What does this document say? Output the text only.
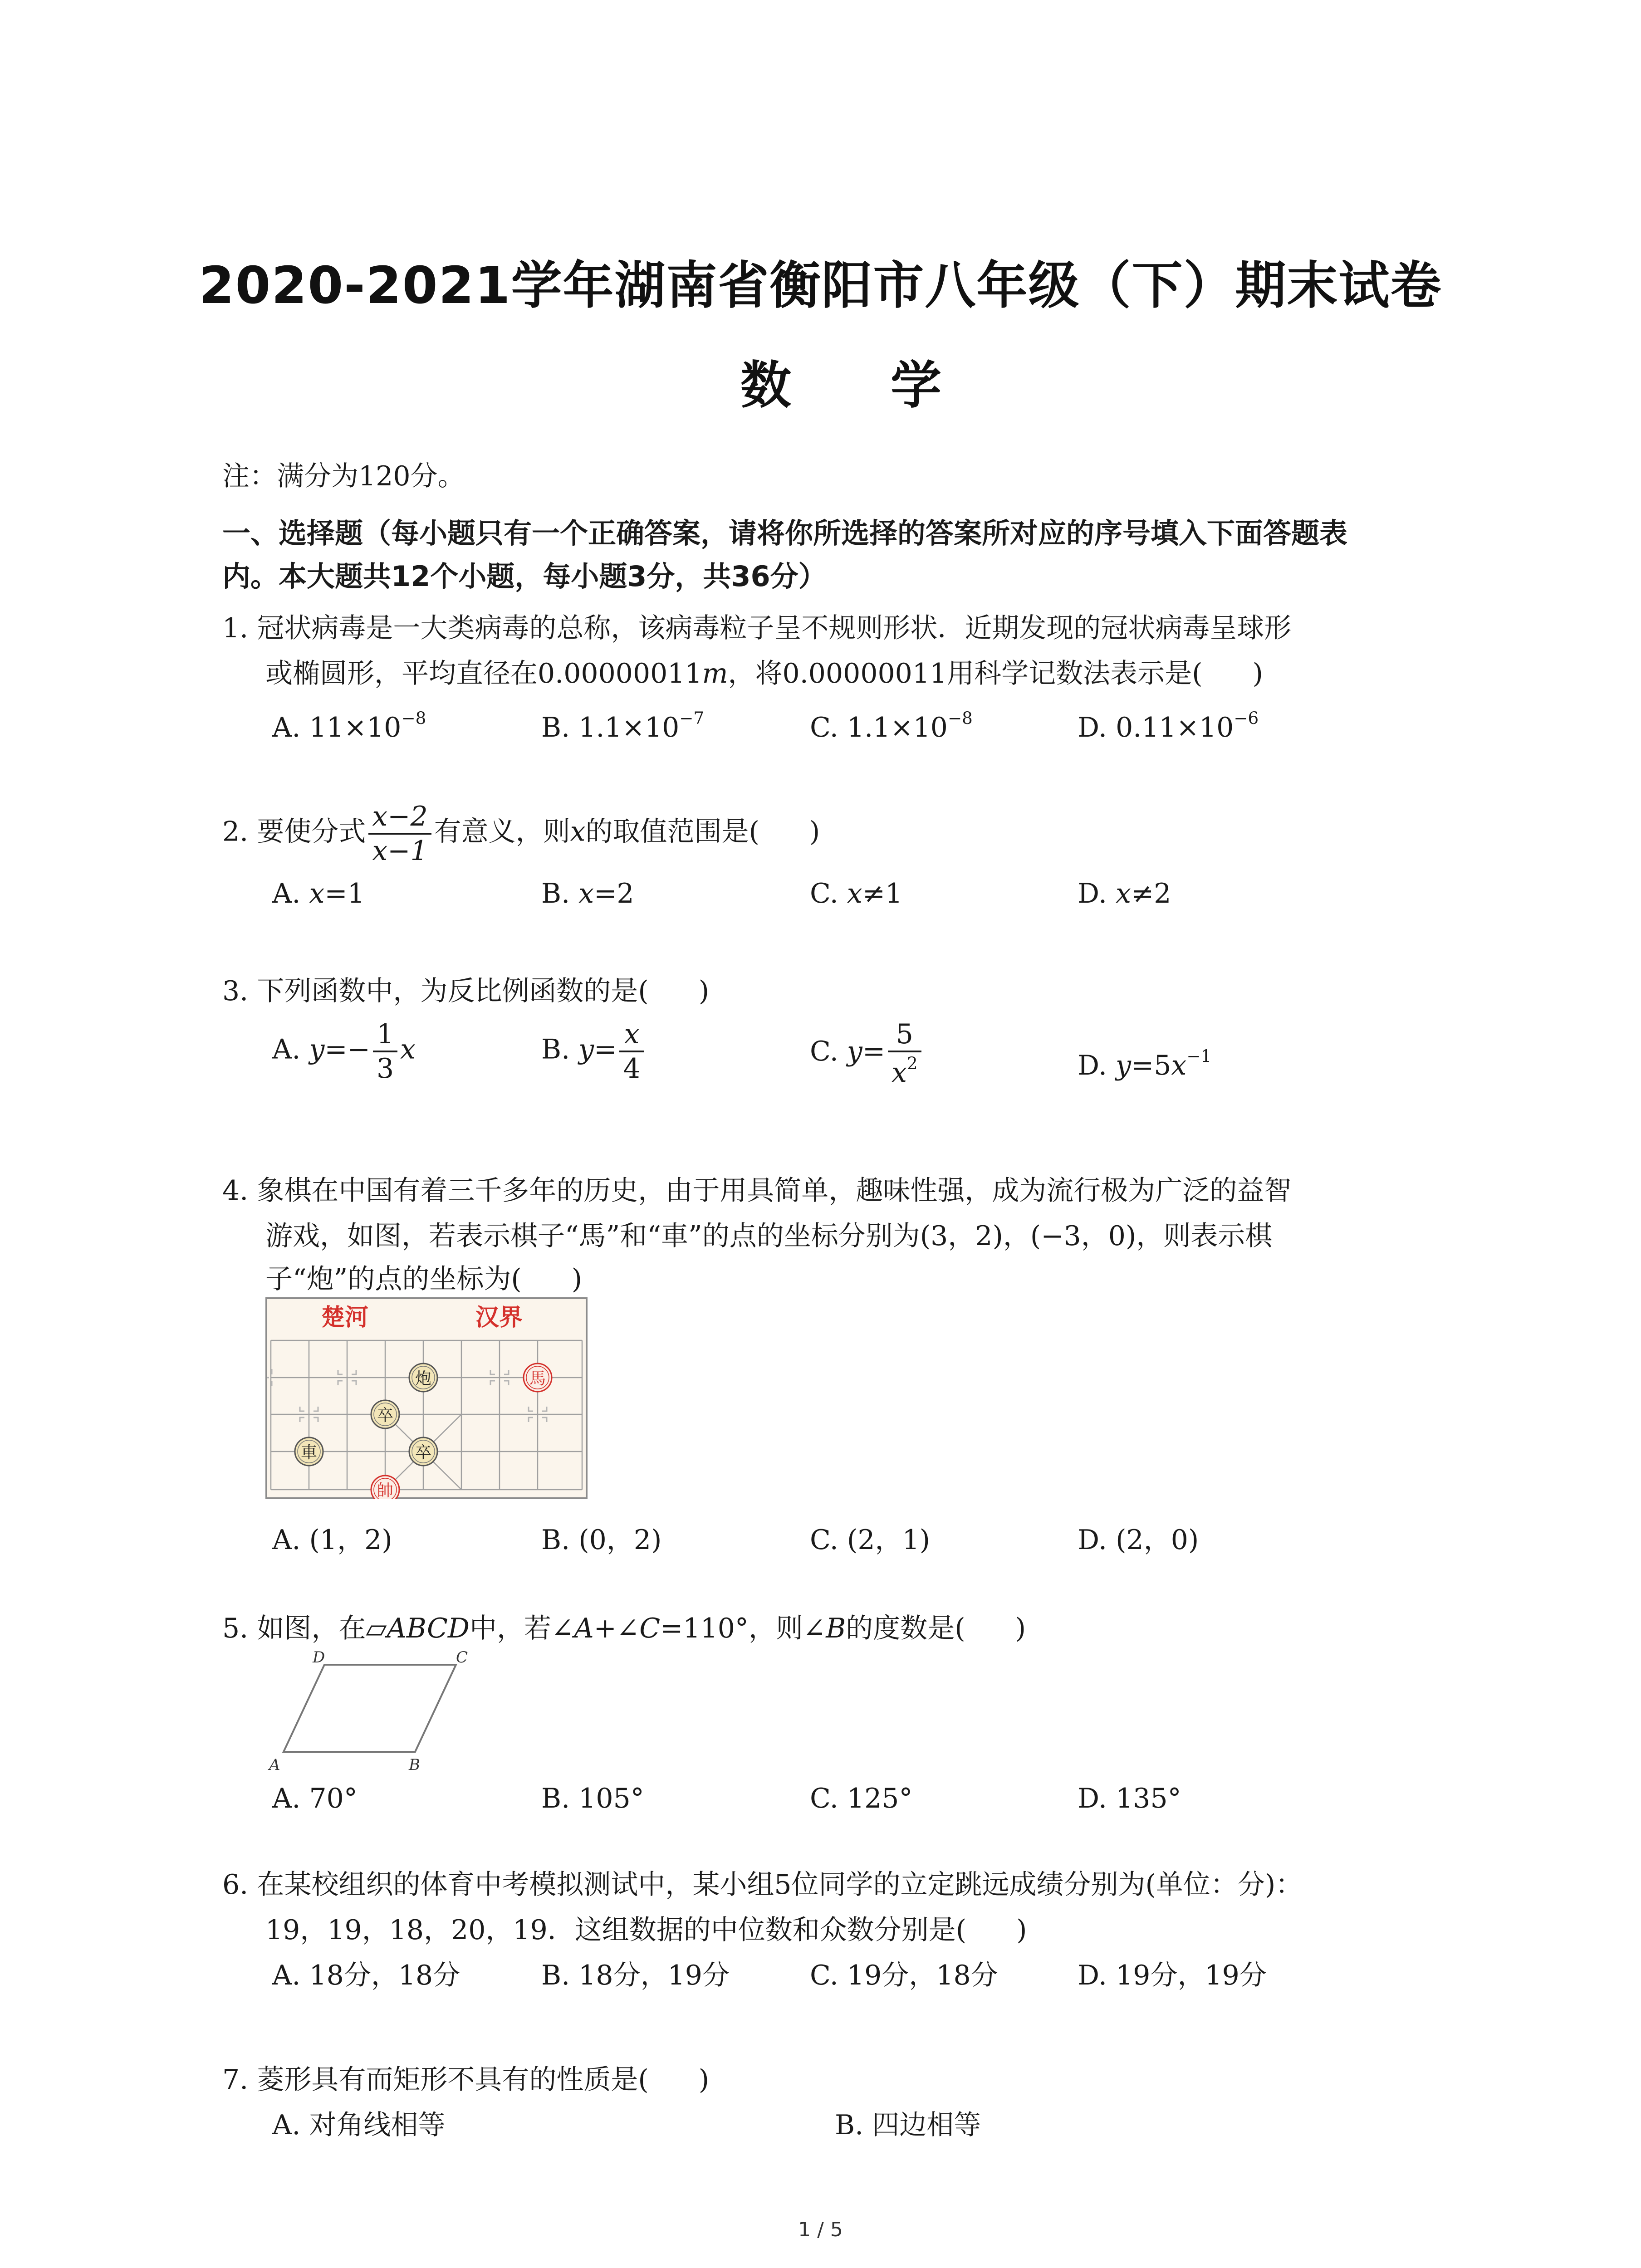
2020-2021学年湖南省衡阳市八年级（下）期末试卷
数 学
注：满分为120分。
一、选择题（每小题只有一个正确答案，请将你所选择的答案所对应的序号填入下面答题表
内。本大题共12个小题，每小题3分，共36分）
1. 冠状病毒是一大类病毒的总称，该病毒粒子呈不规则形状．近期发现的冠状病毒呈球形
或椭圆形，平均直径在0.00000011m，将0.00000011用科学记数法表示是( )
A. $11\times 10^{-8}$	B. $1.1\times 10^{-7}$	C. $1.1\times 10^{-8}$	D. $0.11\times 10^{-6}$
2. 要使分式 $\frac{x-2}{x-1}$ 有意义，则x的取值范围是( )
A. x=1	B. x=2	C. x≠1	D. x≠2
3. 下列函数中，为反比例函数的是( )
A. $y=- \frac{1}{3}$ x	B. $y= \frac{x}{4}$	C. $y= \frac{5}{x^2}$	D. $y=5x^{-1}$
4. 象棋在中国有着三千多年的历史，由于用具简单，趣味性强，成为流行极为广泛的益智
游戏，如图，若表示棋子“馬”和“車”的点的坐标分别为(3，2)，(−3，0)，则表示棋
子“炮”的点的坐标为( )
楚河	汉界
炮	馬
卒
卒
車
帥
A. (1，2)	B. (0，2)	C. (2，1)	D. (2，0)
5. 如图，在▱ABCD中，若∠A+∠C=110°，则∠B的度数是( )
D	C
A	B
A. 70°	B. 105°	C. 125°	D. 135°
6. 在某校组织的体育中考模拟测试中，某小组5位同学的立定跳远成绩分别为(单位：分)：
19，19，18，20，19．这组数据的中位数和众数分别是( )
A. 18分，18分	B. 18分，19分	C. 19分，18分	D. 19分，19分
7. 菱形具有而矩形不具有的性质是( )
A. 对角线相等	B. 四边相等
1 / 5
